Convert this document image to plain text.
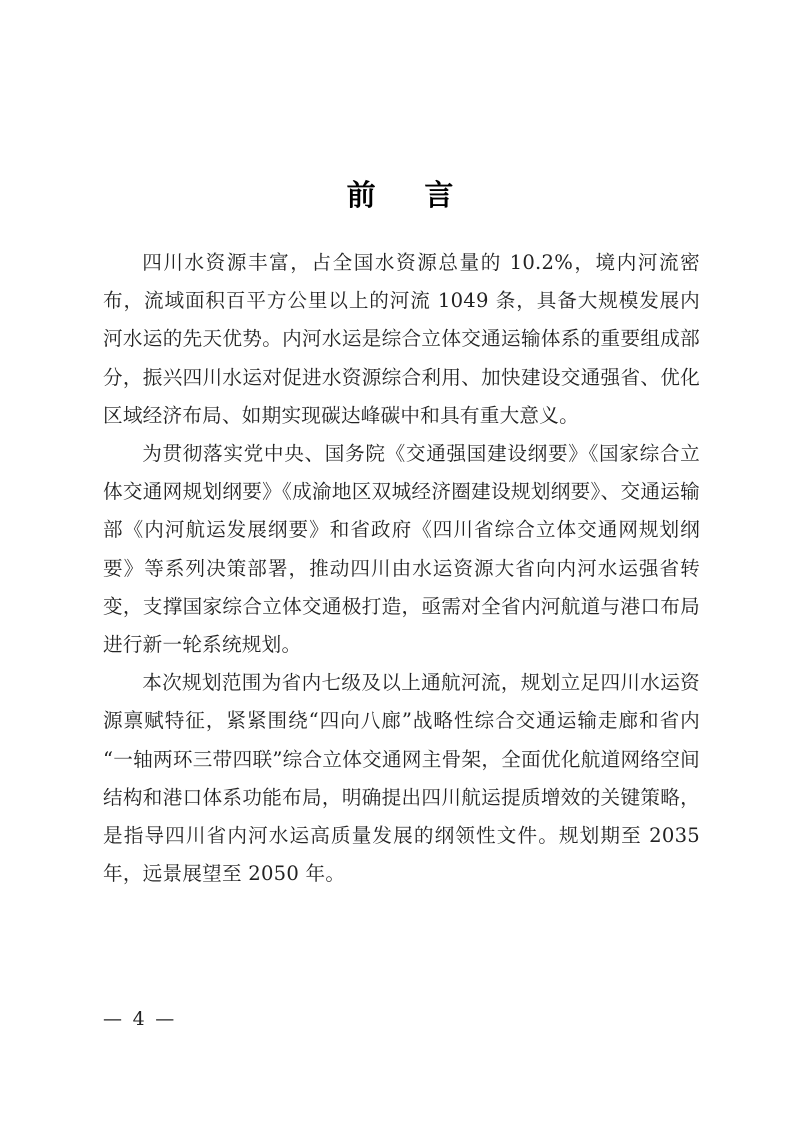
前　言

四川水资源丰富，占全国水资源总量的 10.2%，境内河流密布，流域面积百平方公里以上的河流 1049 条，具备大规模发展内河水运的先天优势。内河水运是综合立体交通运输体系的重要组成部分，振兴四川水运对促进水资源综合利用、加快建设交通强省、优化区域经济布局、如期实现碳达峰碳中和具有重大意义。

为贯彻落实党中央、国务院《交通强国建设纲要》《国家综合立体交通网规划纲要》《成渝地区双城经济圈建设规划纲要》、交通运输部《内河航运发展纲要》和省政府《四川省综合立体交通网规划纲要》等系列决策部署，推动四川由水运资源大省向内河水运强省转变，支撑国家综合立体交通极打造，亟需对全省内河航道与港口布局进行新一轮系统规划。

本次规划范围为省内七级及以上通航河流，规划立足四川水运资源禀赋特征，紧紧围绕“四向八廊”战略性综合交通运输走廊和省内“一轴两环三带四联”综合立体交通网主骨架，全面优化航道网络空间结构和港口体系功能布局，明确提出四川航运提质增效的关键策略，是指导四川省内河水运高质量发展的纲领性文件。规划期至 2035 年，远景展望至 2050 年。

— 4 —
